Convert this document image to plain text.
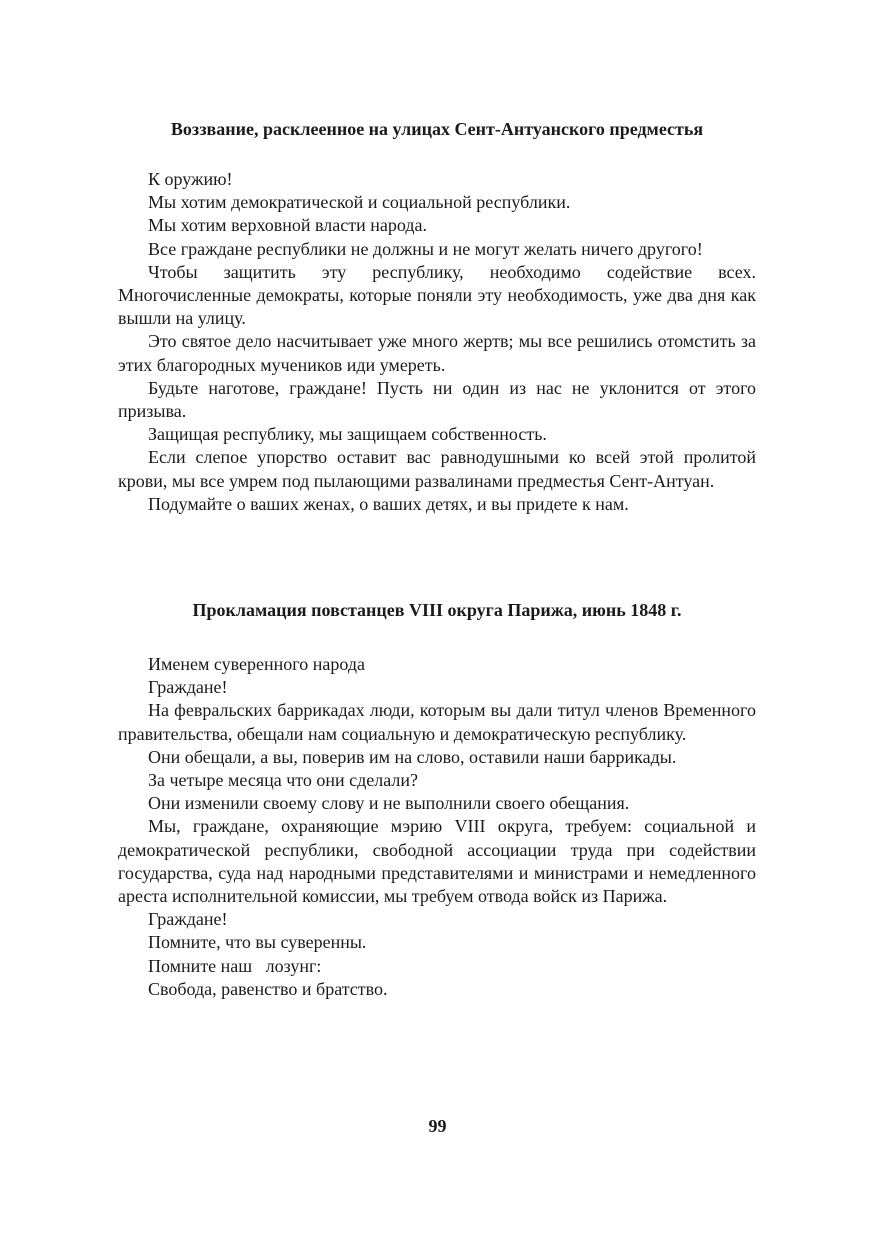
Воззвание, расклеенное на улицах Сент-Антуанского предместья

К оружию!

Мы хотим демократической и социальной республики.

Мы хотим верховной власти народа.

Все граждане республики не должны и не могут желать ничего другого!

Чтобы защитить эту республику, необходимо содействие всех. Многочисленные демократы, которые поняли эту необходимость, уже два дня как вышли на улицу.

Это святое дело насчитывает уже много жертв; мы все решились отомстить за этих благородных мучеников иди умереть.

Будьте наготове, граждане! Пусть ни один из нас не уклонится от этого призыва.

Защищая республику, мы защищаем собственность.

Если слепое упорство оставит вас равнодушными ко всей этой пролитой крови, мы все умрем под пылающими развалинами предместья Сент-Антуан.

Подумайте о ваших женах, о ваших детях, и вы придете к нам.

Прокламация повстанцев VIII округа Парижа, июнь 1848 г.

Именем суверенного народа

Граждане!

На февральских баррикадах люди, которым вы дали титул членов Временного правительства, обещали нам социальную и демократическую республику.

Они обещали, а вы, поверив им на слово, оставили наши баррикады.

За четыре месяца что они сделали?

Они изменили своему слову и не выполнили своего обещания.

Мы, граждане, охраняющие мэрию VIII округа, требуем: социальной и демократической республики, свободной ассоциации труда при содействии государства, суда над народными представителями и министрами и немедленного ареста исполнительной комиссии, мы требуем отвода войск из Парижа.

Граждане!

Помните, что вы суверенны.

Помните наш   лозунг:

Свобода, равенство и братство.

99
